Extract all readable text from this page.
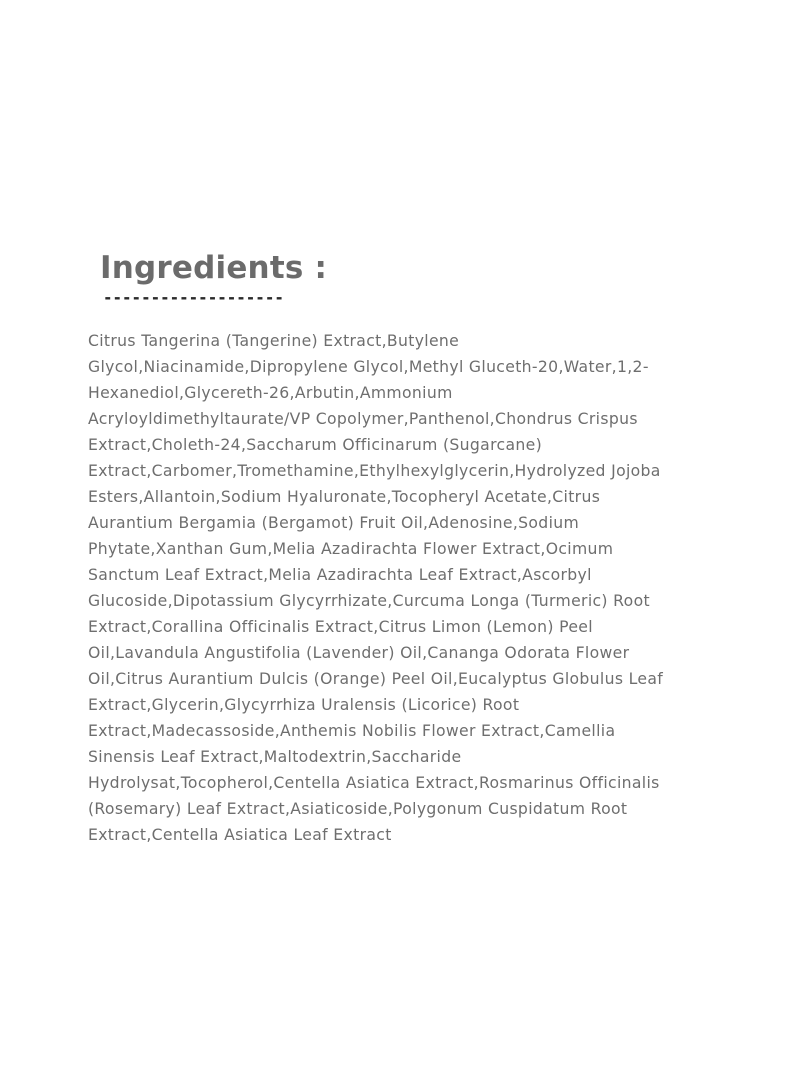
Ingredients :
-------------------

Citrus Tangerina (Tangerine) Extract,Butylene
Glycol,Niacinamide,Dipropylene Glycol,Methyl Gluceth-20,Water,1,2-
Hexanediol,Glycereth-26,Arbutin,Ammonium
Acryloyldimethyltaurate/VP Copolymer,Panthenol,Chondrus Crispus
Extract,Choleth-24,Saccharum Officinarum (Sugarcane)
Extract,Carbomer,Tromethamine,Ethylhexylglycerin,Hydrolyzed Jojoba
Esters,Allantoin,Sodium Hyaluronate,Tocopheryl Acetate,Citrus
Aurantium Bergamia (Bergamot) Fruit Oil,Adenosine,Sodium
Phytate,Xanthan Gum,Melia Azadirachta Flower Extract,Ocimum
Sanctum Leaf Extract,Melia Azadirachta Leaf Extract,Ascorbyl
Glucoside,Dipotassium Glycyrrhizate,Curcuma Longa (Turmeric) Root
Extract,Corallina Officinalis Extract,Citrus Limon (Lemon) Peel
Oil,Lavandula Angustifolia (Lavender) Oil,Cananga Odorata Flower
Oil,Citrus Aurantium Dulcis (Orange) Peel Oil,Eucalyptus Globulus Leaf
Extract,Glycerin,Glycyrrhiza Uralensis (Licorice) Root
Extract,Madecassoside,Anthemis Nobilis Flower Extract,Camellia
Sinensis Leaf Extract,Maltodextrin,Saccharide
Hydrolysat,Tocopherol,Centella Asiatica Extract,Rosmarinus Officinalis
(Rosemary) Leaf Extract,Asiaticoside,Polygonum Cuspidatum Root
Extract,Centella Asiatica Leaf Extract
